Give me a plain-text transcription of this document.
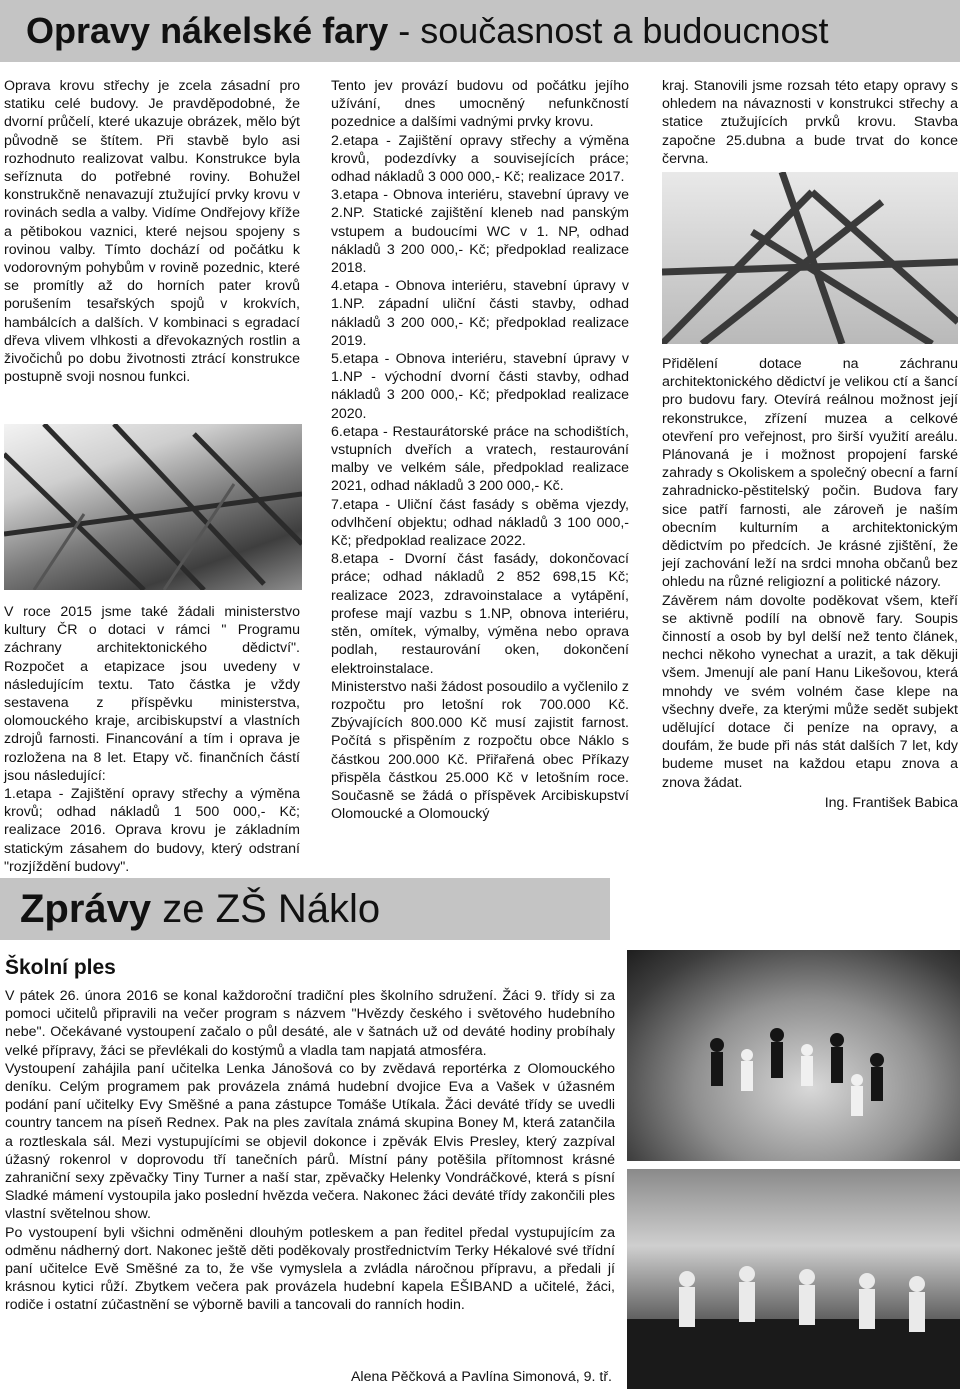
Opravy nákelské fary - současnost a budoucnost

Oprava krovu střechy je zcela zásadní pro statiku celé budovy. Je pravděpodobné, že dvorní průčelí, které ukazuje obrázek, mělo být původně se štítem. Při stavbě bylo asi rozhodnuto realizovat valbu. Konstrukce byla seříznuta do potřebné roviny. Bohužel konstrukčně nenavazují ztužující prvky krovu v rovinách sedla a valby. Vidíme Ondřejovy kříže a pětibokou vaznici, které nejsou spojeny s rovinou valby. Tímto dochází od počátku k vodorovným pohybům v rovině pozednic, které se promítly až do horních pater krovů porušením tesařských spojů v krokvích, hambálcích a dalších. V kombinaci s egradací dřeva vlivem vlhkosti a dřevokazných rostlin a živočichů po dobu životnosti ztrácí konstrukce postupně svoji nosnou funkci.

V roce 2015 jsme také žádali ministerstvo kultury ČR o dotaci v rámci " Programu záchrany architektonického dědictví". Rozpočet a etapizace jsou uvedeny v následujícím textu. Tato částka je vždy sestavena z příspěvku ministerstva, olomouckého kraje, arcibiskupství a vlastních zdrojů farnosti. Financování a tím i oprava je rozložena na 8 let. Etapy vč. finančních částí jsou následující:

1.etapa - Zajištění opravy střechy a výměna krovů; odhad nákladů 1 500 000,- Kč; realizace 2016. Oprava krovu je základním statickým zásahem do budovy, který odstraní "rozjíždění budovy".

Tento jev provází budovu od počátku jejího užívání, dnes umocněný nefunkčností pozednice a dalšími vadnými prvky krovu.

2.etapa - Zajištění opravy střechy a výměna krovů, podezdívky a souvisejících práce; odhad nákladů 3 000 000,- Kč; realizace 2017.

3.etapa - Obnova interiéru, stavební úpravy ve 2.NP. Statické zajištění kleneb nad panským vstupem a budoucími WC v 1. NP, odhad nákladů 3 200 000,- Kč; předpoklad realizace 2018.

4.etapa - Obnova interiéru, stavební úpravy v 1.NP. západní uliční části stavby, odhad nákladů 3 200 000,- Kč; předpoklad realizace 2019.

5.etapa - Obnova interiéru, stavební úpravy v 1.NP - východní dvorní části stavby, odhad nákladů 3 200 000,- Kč; předpoklad realizace 2020.

6.etapa - Restaurátorské práce na schodištích, vstupních dveřích a vratech, restaurování malby ve velkém sále, předpoklad realizace 2021, odhad nákladů 3 200 000,- Kč.

7.etapa - Uliční část fasády s oběma vjezdy, odvlhčení objektu; odhad nákladů 3 100 000,- Kč; předpoklad realizace 2022.

8.etapa - Dvorní část fasády, dokončovací práce; odhad nákladů 2 852 698,15 Kč; realizace 2023, zdravoinstalace a vytápění, profese mají vazbu s 1.NP, obnova interiéru, stěn, omítek, výmalby, výměna nebo oprava podlah, restaurování oken, dokončení elektroinstalace.

Ministerstvo naši žádost posoudilo a vyčlenilo z rozpočtu pro letošní rok 700.000 Kč. Zbývajících 800.000 Kč musí zajistit farnost. Počítá s přispěním z rozpočtu obce Náklo s částkou 200.000 Kč. Přiřařená obec Příkazy přispěla částkou 25.000 Kč v letošním roce. Současně se žádá o příspěvek Arcibiskupství Olomoucké a Olomoucký

kraj. Stanovili jsme rozsah této etapy opravy s ohledem na návaznosti v konstrukci střechy a statice ztužujících prvků krovu. Stavba započne 25.dubna a bude trvat do konce června.

Přidělení dotace na záchranu architektonického dědictví je velikou ctí a šancí pro budovu fary. Otevírá reálnou možnost její rekonstrukce, zřízení muzea a celkové otevření pro veřejnost, pro širší využití areálu. Plánovaná je i možnost propojení farské zahrady s Okoliskem a společný obecní a farní zahradnicko-pěstitelský počin. Budova fary sice patří farnosti, ale zároveň je naším obecním kulturním a architektonickým dědictvím po předcích. Je krásné zjištění, že její zachování leží na srdci mnoha občanů bez ohledu na různé religiozní a politické názory.

Závěrem nám dovolte poděkovat všem, kteří se aktivně podílí na obnově fary. Soupis činností a osob by byl delší než tento článek, nechci někoho vynechat a urazit, a tak děkuji všem. Jmenují ale paní Hanu Likešovou, která mnohdy ve svém volném čase klepe na všechny dveře, za kterými může sedět subjekt udělující dotace či peníze na opravy, a doufám, že bude při nás stát dalších 7 let, kdy budeme muset na každou etapu znova a znova žádat.

Ing. František Babica

Zprávy ze ZŠ Náklo
Školní ples

V pátek 26. února 2016 se konal každoroční tradiční ples školního sdružení. Žáci 9. třídy si za pomoci učitelů připravili na večer program s názvem "Hvězdy českého i světového hudebního nebe". Očekávané vystoupení začalo o půl desáté, ale v šatnách už od deváté hodiny probíhaly velké přípravy, žáci se převlékali do kostýmů a vladla tam napjatá atmosféra.

Vystoupení zahájila paní učitelka Lenka Jánošová co by zvědavá reportérka z Olomouckého deníku. Celým programem pak provázela známá hudební dvojice Eva a Vašek v úžasném podání paní učitelky Evy Směšné a pana zástupce Tomáše Utíkala. Žáci deváté třídy se uvedli country tancem na píseň Rednex. Pak na ples zavítala známá skupina Boney M, která zatančila a roztleskala sál. Mezi vystupujícími se objevil dokonce i zpěvák Elvis Presley, který zazpíval úžasný rokenrol v doprovodu tří tanečních párů. Místní pány potěšila přítomnost krásné zahraniční sexy zpěvačky Tiny Turner a naší star, zpěvačky Helenky Vondráčkové, která s písní Sladké mámení vystoupila jako poslední hvězda večera. Nakonec žáci deváté třídy zakončili ples vlastní světelnou show.

Po vystoupení byli všichni odměněni dlouhým potleskem a pan ředitel předal vystupujícím za odměnu nádherný dort. Nakonec ještě děti poděkovaly prostřednictvím Terky Hékalové své třídní paní učitelce Evě Směšné za to, že vše vymyslela a zvládla náročnou přípravu, a předali jí krásnou kytici růží. Zbytkem večera pak provázela hudební kapela EŠIBAND a učitelé, žáci, rodiče i ostatní zúčastnění se výborně bavili a tancovali do ranních hodin.

Alena Pěčková a Pavlína Simonová, 9. tř.
